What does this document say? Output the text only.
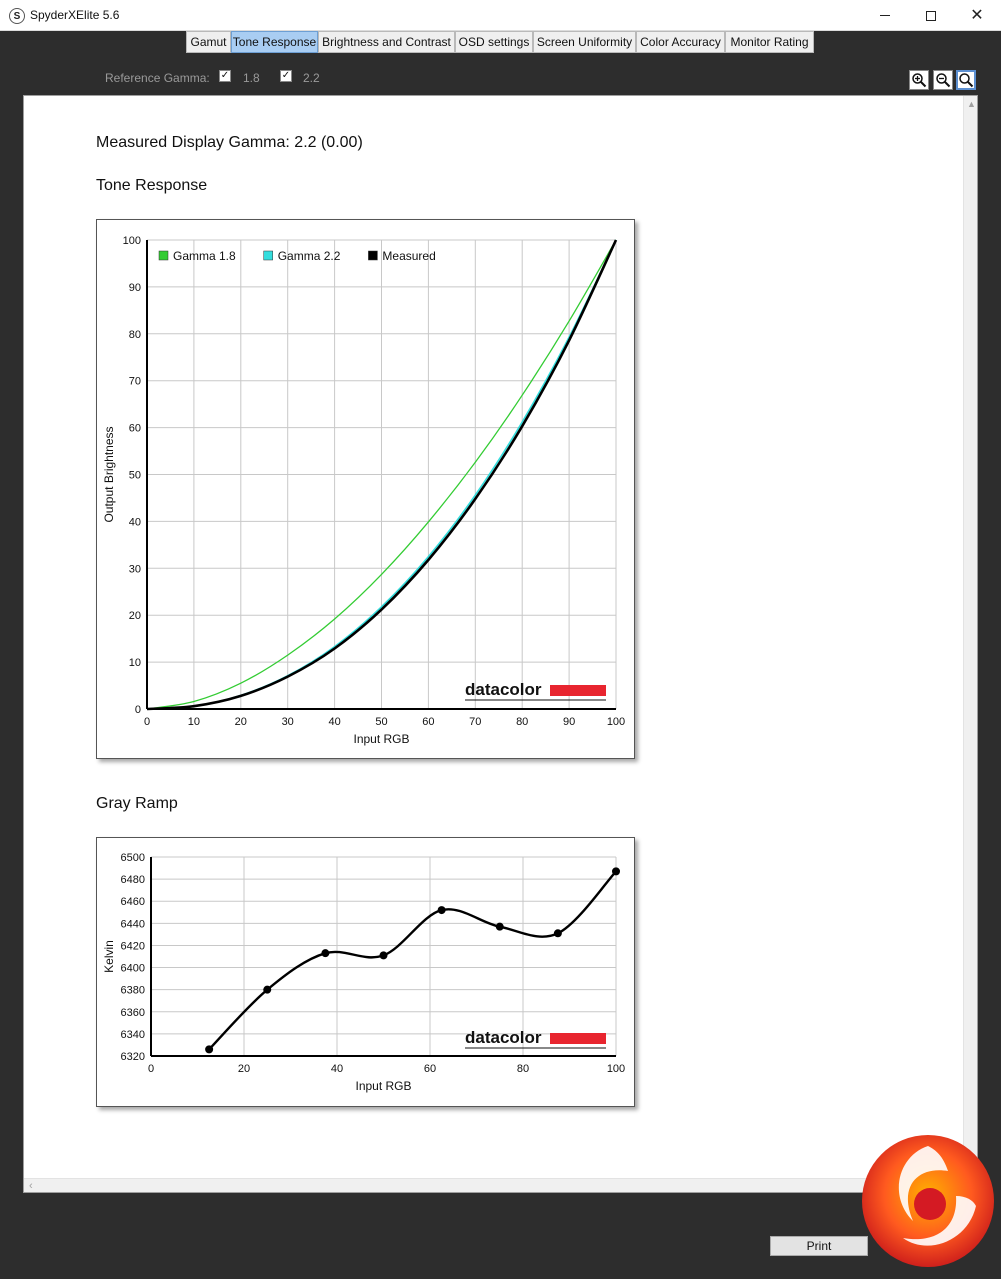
S SpyderXElite 5.6	✕
Gamut Tone Response Brightness and Contrast OSD settings Screen Uniformity Color Accuracy Monitor Rating
Reference Gamma: ✓ 1.8 ✓ 2.2
Measured Display Gamma: 2.2 (0.00)
Tone Response
0	10	20	30	40	50	60	70	80	90	100
0
10
20
30
40
50
60
70
80
90
100
Input RGB
Output Brightness
Gamma 1.8	Gamma 2.2	Measured
datacolor
Gray Ramp
0	20	40	60	80	100
6320
6340
6360
6380
6400
6420
6440
6460
6480
6500
Input RGB
Kelvin
datacolor
▲
‹
Print
